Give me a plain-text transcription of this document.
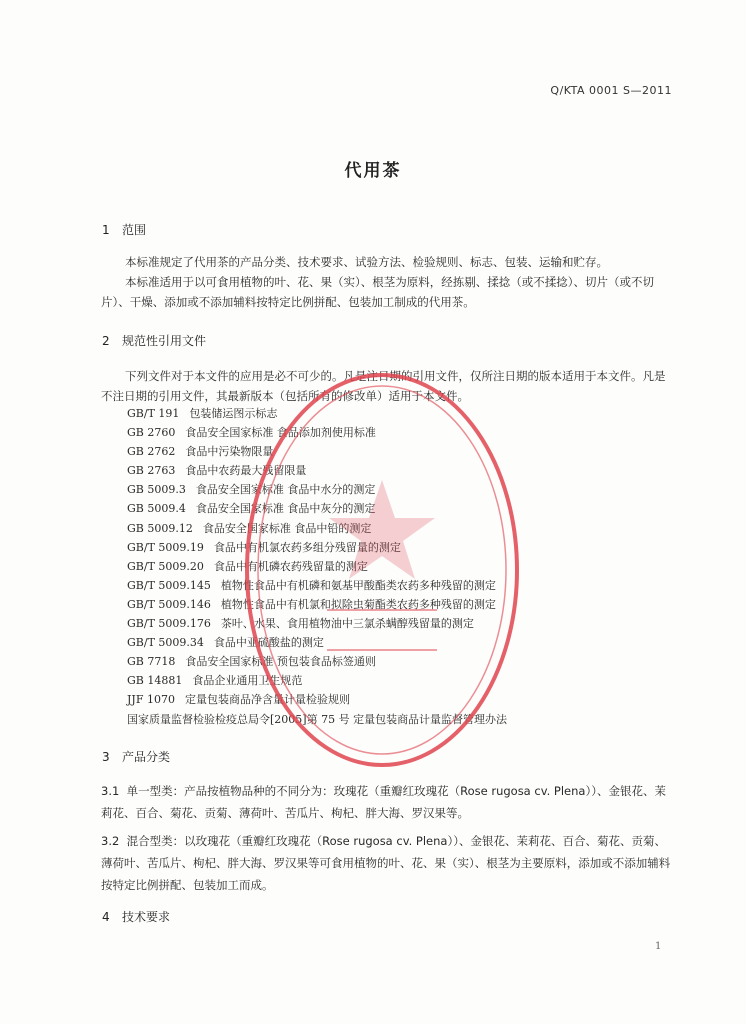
Q/KTA 0001 S—2011
代用茶
1 范围
本标准规定了代用茶的产品分类、技术要求、试验方法、检验规则、标志、包装、运输和贮存。
本标准适用于以可食用植物的叶、花、果（实）、根茎为原料，经拣剔、揉捻（或不揉捻）、切片（或不切片）、干燥、添加或不添加辅料按特定比例拼配、包装加工制成的代用茶。
2 规范性引用文件
下列文件对于本文件的应用是必不可少的。凡是注日期的引用文件，仅所注日期的版本适用于本文件。凡是不注日期的引用文件，其最新版本（包括所有的修改单）适用于本文件。
GB/T 191 包装储运图示标志
GB 2760 食品安全国家标准 食品添加剂使用标准
GB 2762 食品中污染物限量
GB 2763 食品中农药最大残留限量
GB 5009.3 食品安全国家标准 食品中水分的测定
GB 5009.4 食品安全国家标准 食品中灰分的测定
GB 5009.12 食品安全国家标准 食品中铅的测定
GB/T 5009.19 食品中有机氯农药多组分残留量的测定
GB/T 5009.20 食品中有机磷农药残留量的测定
GB/T 5009.145 植物性食品中有机磷和氨基甲酸酯类农药多种残留的测定
GB/T 5009.146 植物性食品中有机氯和拟除虫菊酯类农药多种残留的测定
GB/T 5009.176 茶叶、水果、食用植物油中三氯杀螨醇残留量的测定
GB/T 5009.34 食品中亚硫酸盐的测定
GB 7718 食品安全国家标准 预包装食品标签通则
GB 14881 食品企业通用卫生规范
JJF 1070 定量包装商品净含量计量检验规则
国家质量监督检验检疫总局令[2005]第 75 号 定量包装商品计量监督管理办法
3 产品分类
3.1 单一型类：产品按植物品种的不同分为：玫瑰花（重瓣红玫瑰花（Rose rugosa cv. Plena））、金银花、茉莉花、百合、菊花、贡菊、薄荷叶、苦瓜片、枸杞、胖大海、罗汉果等。
3.2 混合型类：以玫瑰花（重瓣红玫瑰花（Rose rugosa cv. Plena））、金银花、茉莉花、百合、菊花、贡菊、薄荷叶、苦瓜片、枸杞、胖大海、罗汉果等可食用植物的叶、花、果（实）、根茎为主要原料，添加或不添加辅料按特定比例拼配、包装加工而成。
4 技术要求
1
